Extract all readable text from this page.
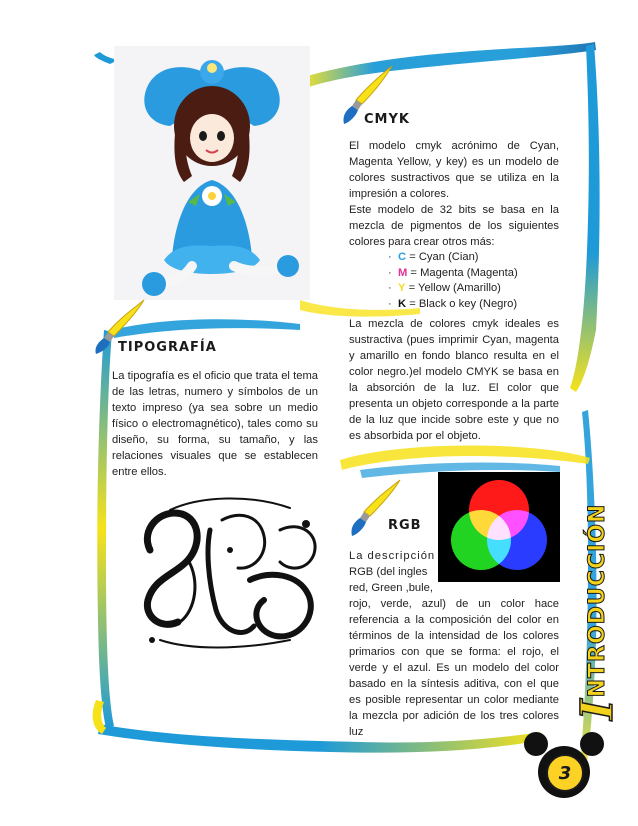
CMYK
El modelo cmyk acrónimo de Cyan, Magenta Yellow, y key) es un modelo de colores sustractivos que se utiliza en la impresión a colores.
Este modelo de 32 bits se basa en la mezcla de pigmentos de los siguientes colores para crear otros más:
· C = Cyan (Cian)
· M = Magenta (Magenta)
· Y = Yellow (Amarillo)
· K = Black o key (Negro)
La mezcla de colores cmyk ideales es sustractiva (pues imprimir Cyan, magenta y amarillo en fondo blanco resulta en el color negro.)el modelo CMYK se basa en la absorción de la luz. El color que presenta un objeto corresponde a la parte de la luz que incide sobre este y que no es absorbida por el objeto.
TIPOGRAFÍA
La tipografía es el oficio que trata el tema de las letras, numero y símbolos de un texto impreso (ya sea sobre un medio físico o electromagnético), tales como su diseño, su forma, su tamaño, y las relaciones visuales que se establecen entre ellos.
RGB
La descripción
RGB (del ingles
red, Green ,bule,
rojo, verde, azul) de un color hace referencia a la composición del color en términos de la intensidad de los colores primarios con que se forma: el rojo, el verde y el azul. Es un modelo del color basado en la síntesis aditiva, con el que es posible representar un color mediante la mezcla por adición de los tres colores luz
I
NTRODUCCIÓN
3
